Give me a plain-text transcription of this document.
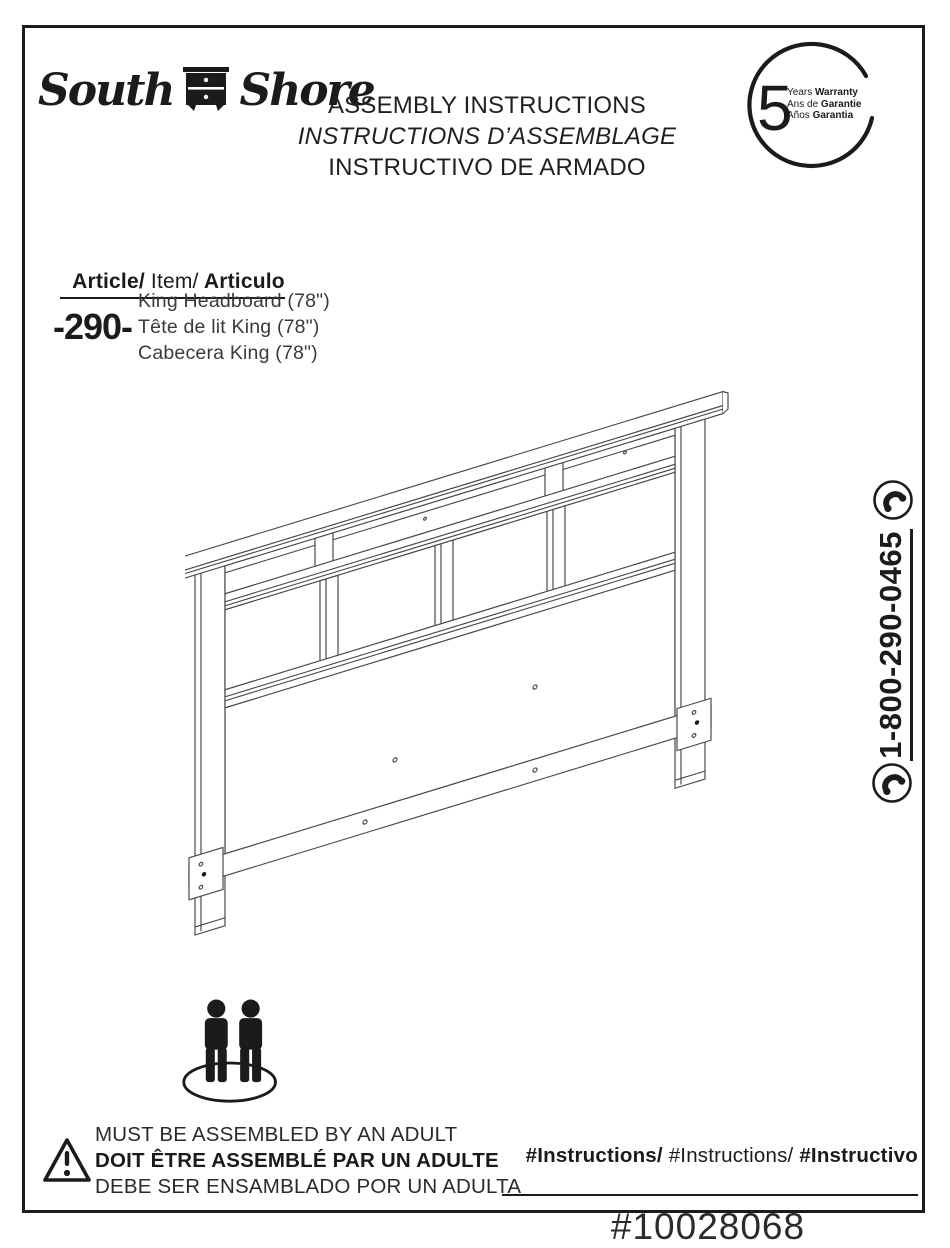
South Shore
ASSEMBLY INSTRUCTIONS
INSTRUCTIONS D’ASSEMBLAGE
INSTRUCTIVO DE ARMADO
5
Years Warranty
Ans de Garantie
Años Garantia

Article/ Item/ Articulo

-290-
King Headboard (78")
Tête de lit King (78")
Cabecera King (78")
1-800-290-0465
MUST BE ASSEMBLED BY AN ADULT
DOIT ÊTRE ASSEMBLÉ PAR UN ADULTE
DEBE SER ENSAMBLADO POR UN ADULTA

#Instructions/ #Instructions/ #Instructivo

#10028068
